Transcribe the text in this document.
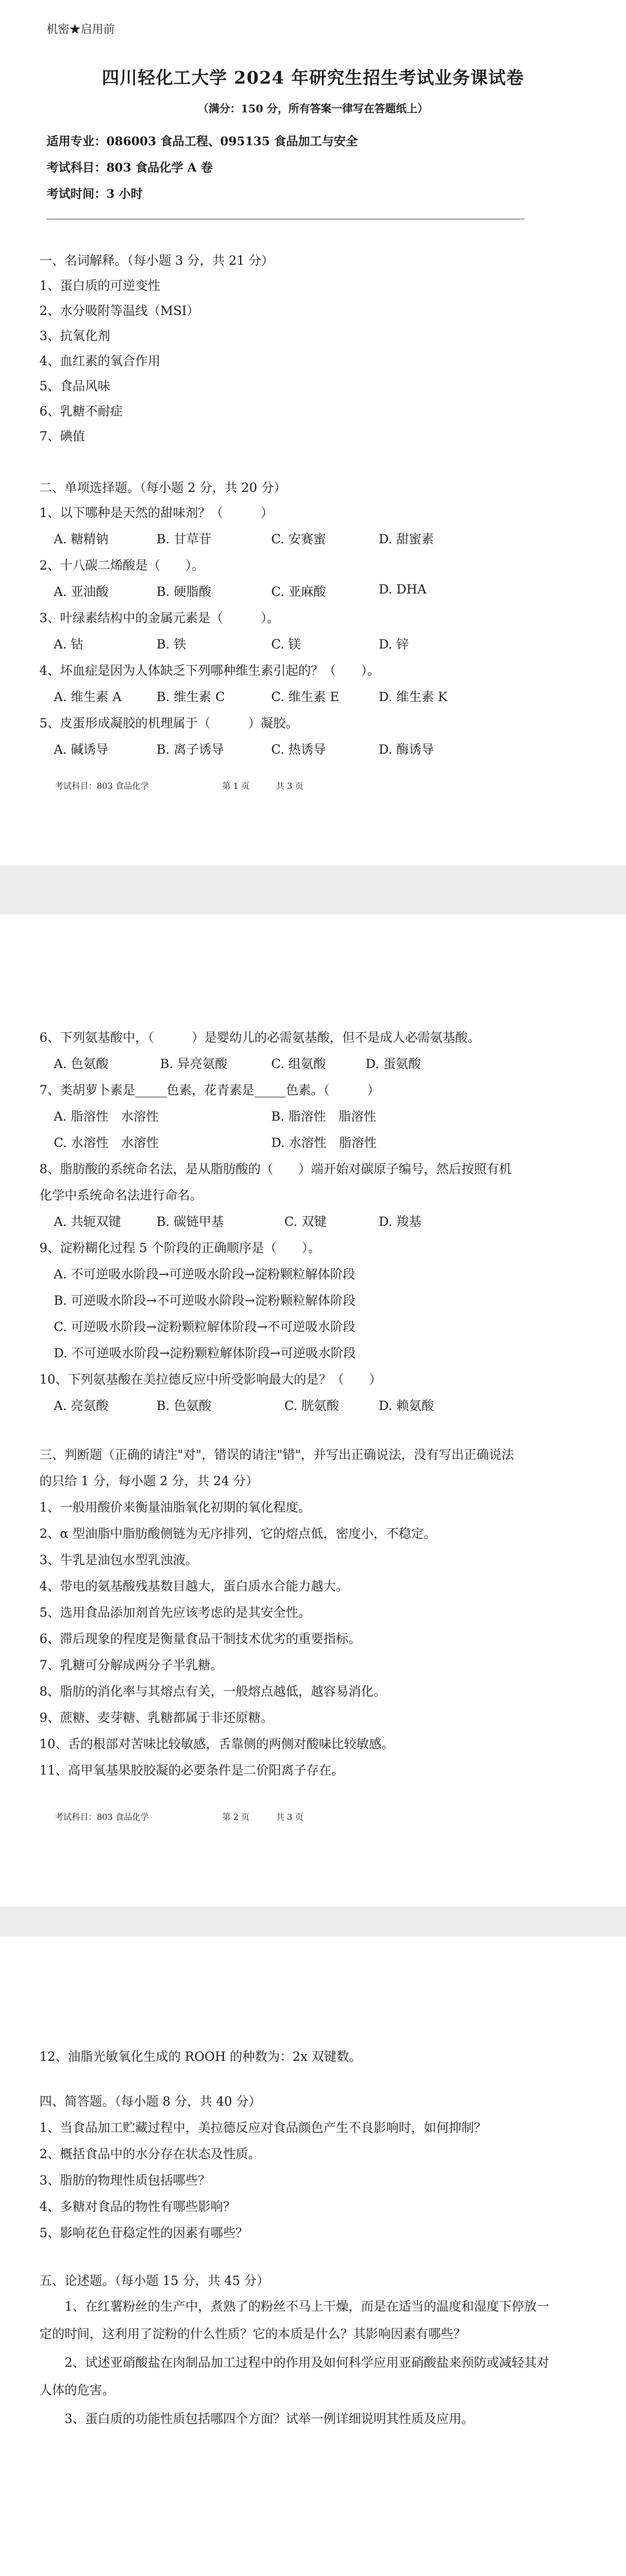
机密★启用前
四川轻化工大学 2024 年研究生招生考试业务课试卷
（满分：150 分，所有答案一律写在答题纸上）
适用专业：086003 食品工程、095135 食品加工与安全
考试科目：803 食品化学 A 卷
考试时间：3 小时
一、名词解释。（每小题 3 分，共 21 分）
1、蛋白质的可逆变性
2、水分吸附等温线（MSI）
3、抗氧化剂
4、血红素的氧合作用
5、食品风味
6、乳糖不耐症
7、碘值
二、单项选择题。（每小题 2 分，共 20 分）
1、以下哪种是天然的甜味剂？（　　　）
A. 糖精钠	B. 甘草苷	C. 安赛蜜	D. 甜蜜素
2、十八碳二烯酸是（　　）。
A. 亚油酸	B. 硬脂酸	C. 亚麻酸	D. DHA
3、叶绿素结构中的金属元素是（　　　）。
A. 钴	B. 铁	C. 镁	D. 锌
4、坏血症是因为人体缺乏下列哪种维生素引起的？（　　）。
A. 维生素 A	B. 维生素 C	C. 维生素 E	D. 维生素 K
5、皮蛋形成凝胶的机理属于（　　　）凝胶。
A. 碱诱导	B. 离子诱导	C. 热诱导	D. 酶诱导
考试科目：803 食品化学	第 1 页	共 3 页
6、下列氨基酸中，（　　　）是婴幼儿的必需氨基酸，但不是成人必需氨基酸。
A. 色氨酸	B. 异亮氨酸	C. 组氨酸	D. 蛋氨酸
7、类胡萝卜素是_____色素，花青素是_____色素。（　　　）
A. 脂溶性　水溶性	B. 脂溶性　脂溶性
C. 水溶性　水溶性	D. 水溶性　脂溶性
8、脂肪酸的系统命名法，是从脂肪酸的（　　）端开始对碳原子编号，然后按照有机
化学中系统命名法进行命名。
A. 共轭双键	B. 碳链甲基	C. 双键	D. 羧基
9、淀粉糊化过程 5 个阶段的正确顺序是（　　）。
A. 不可逆吸水阶段→可逆吸水阶段→淀粉颗粒解体阶段
B. 可逆吸水阶段→不可逆吸水阶段→淀粉颗粒解体阶段
C. 可逆吸水阶段→淀粉颗粒解体阶段→不可逆吸水阶段
D. 不可逆吸水阶段→淀粉颗粒解体阶段→可逆吸水阶段
10、下列氨基酸在美拉德反应中所受影响最大的是？（　　）
A. 亮氨酸	B. 色氨酸	C. 胱氨酸	D. 赖氨酸
三、判断题（正确的请注"对"，错误的请注"错"，并写出正确说法，没有写出正确说法
的只给 1 分，每小题 2 分，共 24 分）
1、一般用酸价来衡量油脂氧化初期的氧化程度。
2、α 型油脂中脂肪酸侧链为无序排列，它的熔点低，密度小，不稳定。
3、牛乳是油包水型乳浊液。
4、带电的氨基酸残基数目越大，蛋白质水合能力越大。
5、选用食品添加剂首先应该考虑的是其安全性。
6、滞后现象的程度是衡量食品干制技术优劣的重要指标。
7、乳糖可分解成两分子半乳糖。
8、脂肪的消化率与其熔点有关，一般熔点越低，越容易消化。
9、蔗糖、麦芽糖、乳糖都属于非还原糖。
10、舌的根部对苦味比较敏感，舌靠侧的两侧对酸味比较敏感。
11、高甲氧基果胶胶凝的必要条件是二价阳离子存在。
考试科目：803 食品化学	第 2 页	共 3 页
12、油脂光敏氧化生成的 ROOH 的种数为：2x 双键数。
四、简答题。（每小题 8 分，共 40 分）
1、当食品加工贮藏过程中，美拉德反应对食品颜色产生不良影响时，如何抑制？
2、概括食品中的水分存在状态及性质。
3、脂肪的物理性质包括哪些？
4、多糖对食品的物性有哪些影响？
5、影响花色苷稳定性的因素有哪些？
五、论述题。（每小题 15 分，共 45 分）
1、在红薯粉丝的生产中，煮熟了的粉丝不马上干燥，而是在适当的温度和湿度下停放一定的时间，这利用了淀粉的什么性质？它的本质是什么？其影响因素有哪些？
2、试述亚硝酸盐在肉制品加工过程中的作用及如何科学应用亚硝酸盐来预防或减轻其对人体的危害。
3、蛋白质的功能性质包括哪四个方面？试举一例详细说明其性质及应用。
